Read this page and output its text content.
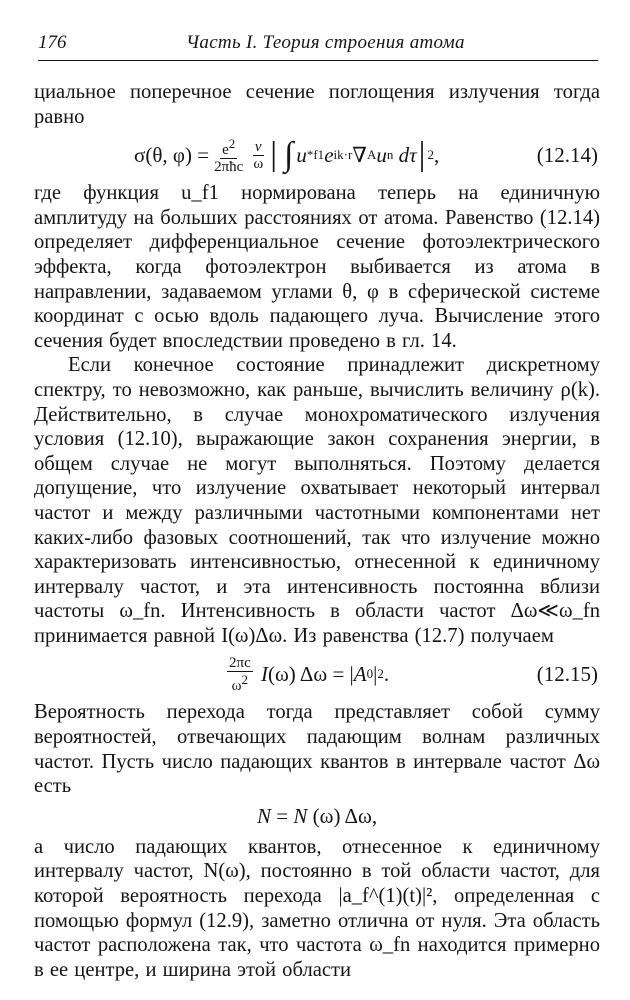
176	Часть I. Теория строения атома

циальное поперечное сечение поглощения излучения тогда равно

σ(θ, $\varphi) = \frac{e^2}{\text{2πħc}} \frac{v}{\omega}$ | ∫ u * f1 e ik·r ∇ A u n dτ | 2 ,	(12.14)

где функция u_f1 нормирована теперь на единичную амплитуду на больших расстояниях от атома. Равенство (12.14) определяет дифференциальное сечение фотоэлектрического эффекта, когда фотоэлектрон выбивается из атома в направлении, задаваемом углами θ, φ в сферической системе координат с осью вдоль падающего луча. Вычисление этого сечения будет впоследствии проведено в гл. 14.

Если конечное состояние принадлежит дискретному спектру, то невозможно, как раньше, вычислить величину ρ(k). Действительно, в случае монохроматического излучения условия (12.10), выражающие закон сохранения энергии, в общем случае не могут выполняться. Поэтому делается допущение, что излучение охватывает некоторый интервал частот и между различными частотными компонентами нет каких-либо фазовых соотношений, так что излучение можно характеризовать интенсивностью, отнесенной к единичному интервалу частот, и эта интенсивность постоянна вблизи частоты ω_fn. Интенсивность в области частот Δω≪ω_fn принимается равной I(ω)Δω. Из равенства (12.7) получаем

$\frac{2\pi c}{\omega^2}$ I (ω) Δω = | A 0 | 2 .	(12.15)

Вероятность перехода тогда представляет собой сумму вероятностей, отвечающих падающим волнам различных частот. Пусть число падающих квантов в интервале частот Δω есть

N = N (ω) Δω,

а число падающих квантов, отнесенное к единичному интервалу частот, N(ω), постоянно в той области частот, для которой вероятность перехода |a_f^(1)(t)|², определенная с помощью формул (12.9), заметно отлична от нуля. Эта область частот расположена так, что частота ω_fn находится примерно в ее центре, и ширина этой области
